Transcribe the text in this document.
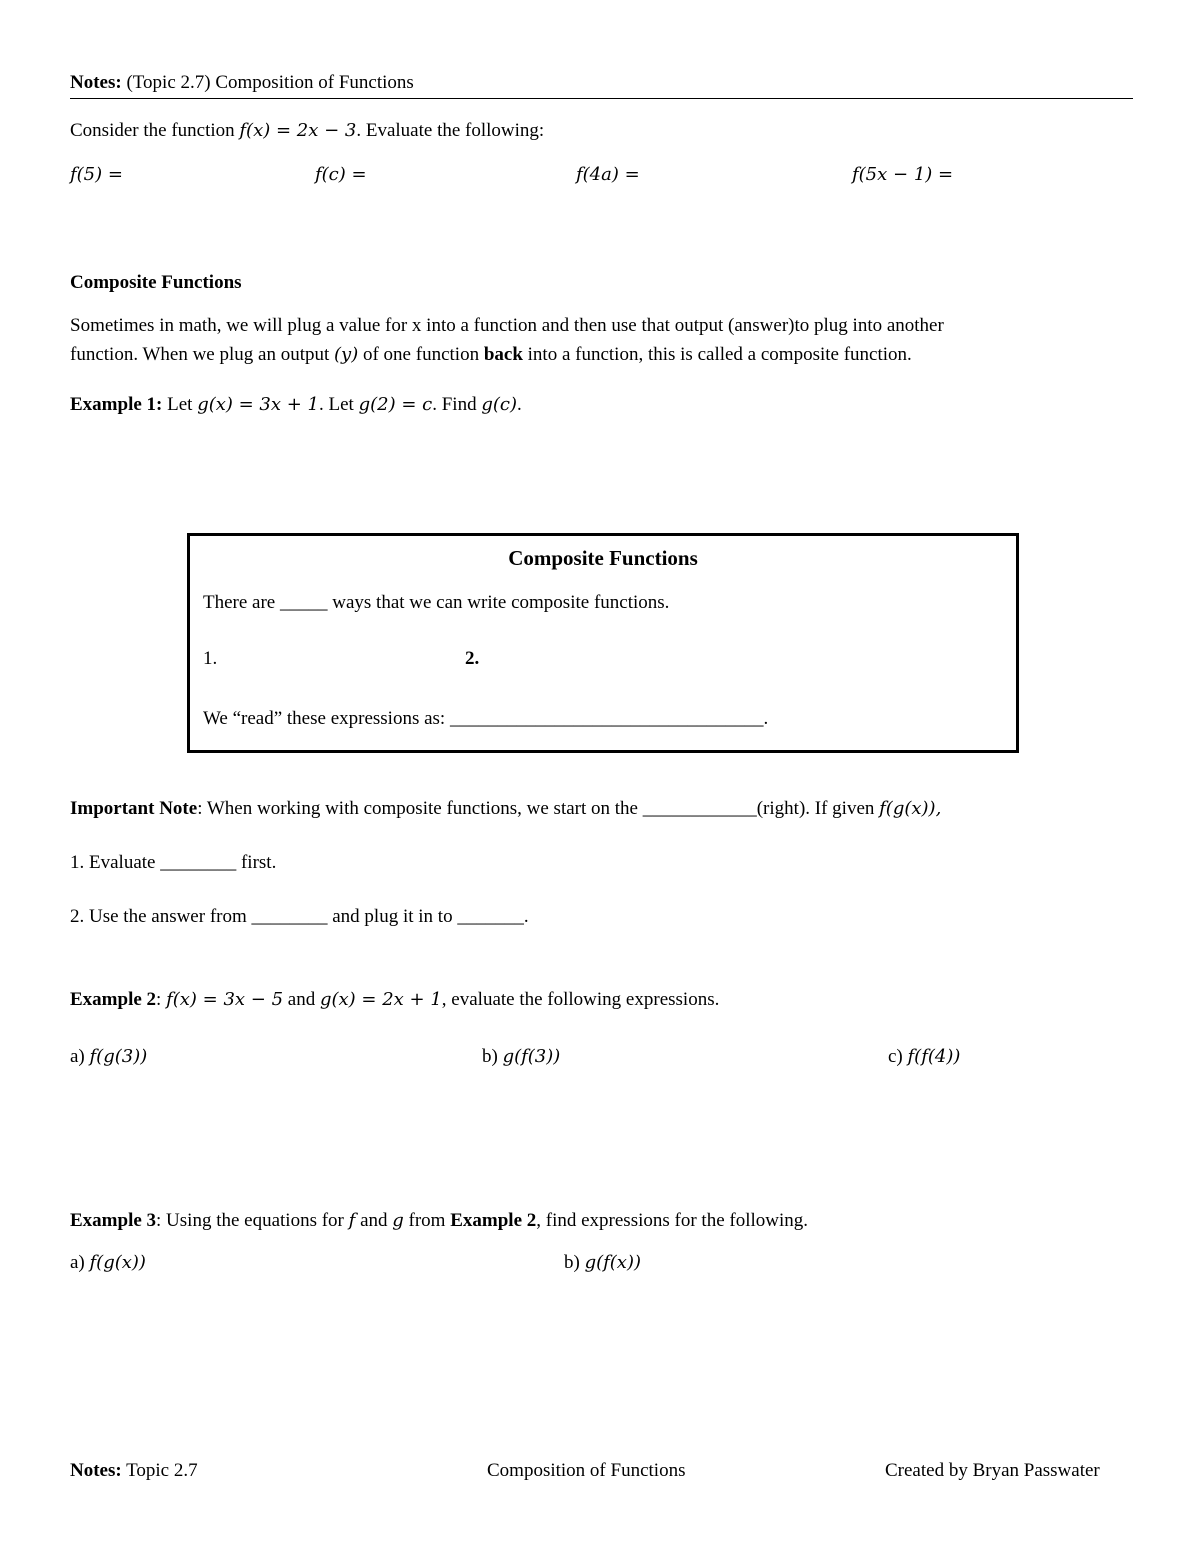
Notes: (Topic 2.7) Composition of Functions
Consider the function f(x) = 2x − 3. Evaluate the following:
f(5) =	f(c) =	f(4a) =	f(5x − 1) =
Composite Functions
Sometimes in math, we will plug a value for x into a function and then use that output (answer)to plug into another
function. When we plug an output (y) of one function back into a function, this is called a composite function.
Example 1: Let g(x) = 3x + 1. Let g(2) = c. Find g(c).
Composite Functions
There are _____ ways that we can write composite functions.
1.	2.
We “read” these expressions as: _________________________________.
Important Note: When working with composite functions, we start on the ____________(right). If given f(g(x)),
1. Evaluate ________ first.
2. Use the answer from ________ and plug it in to _______.
Example 2: f(x) = 3x − 5 and g(x) = 2x + 1, evaluate the following expressions.
a) f(g(3))	b) g(f(3))	c) f(f(4))
Example 3: Using the equations for f and g from Example 2, find expressions for the following.
a) f(g(x))	b) g(f(x))
Notes: Topic 2.7	Composition of Functions	Created by Bryan Passwater
